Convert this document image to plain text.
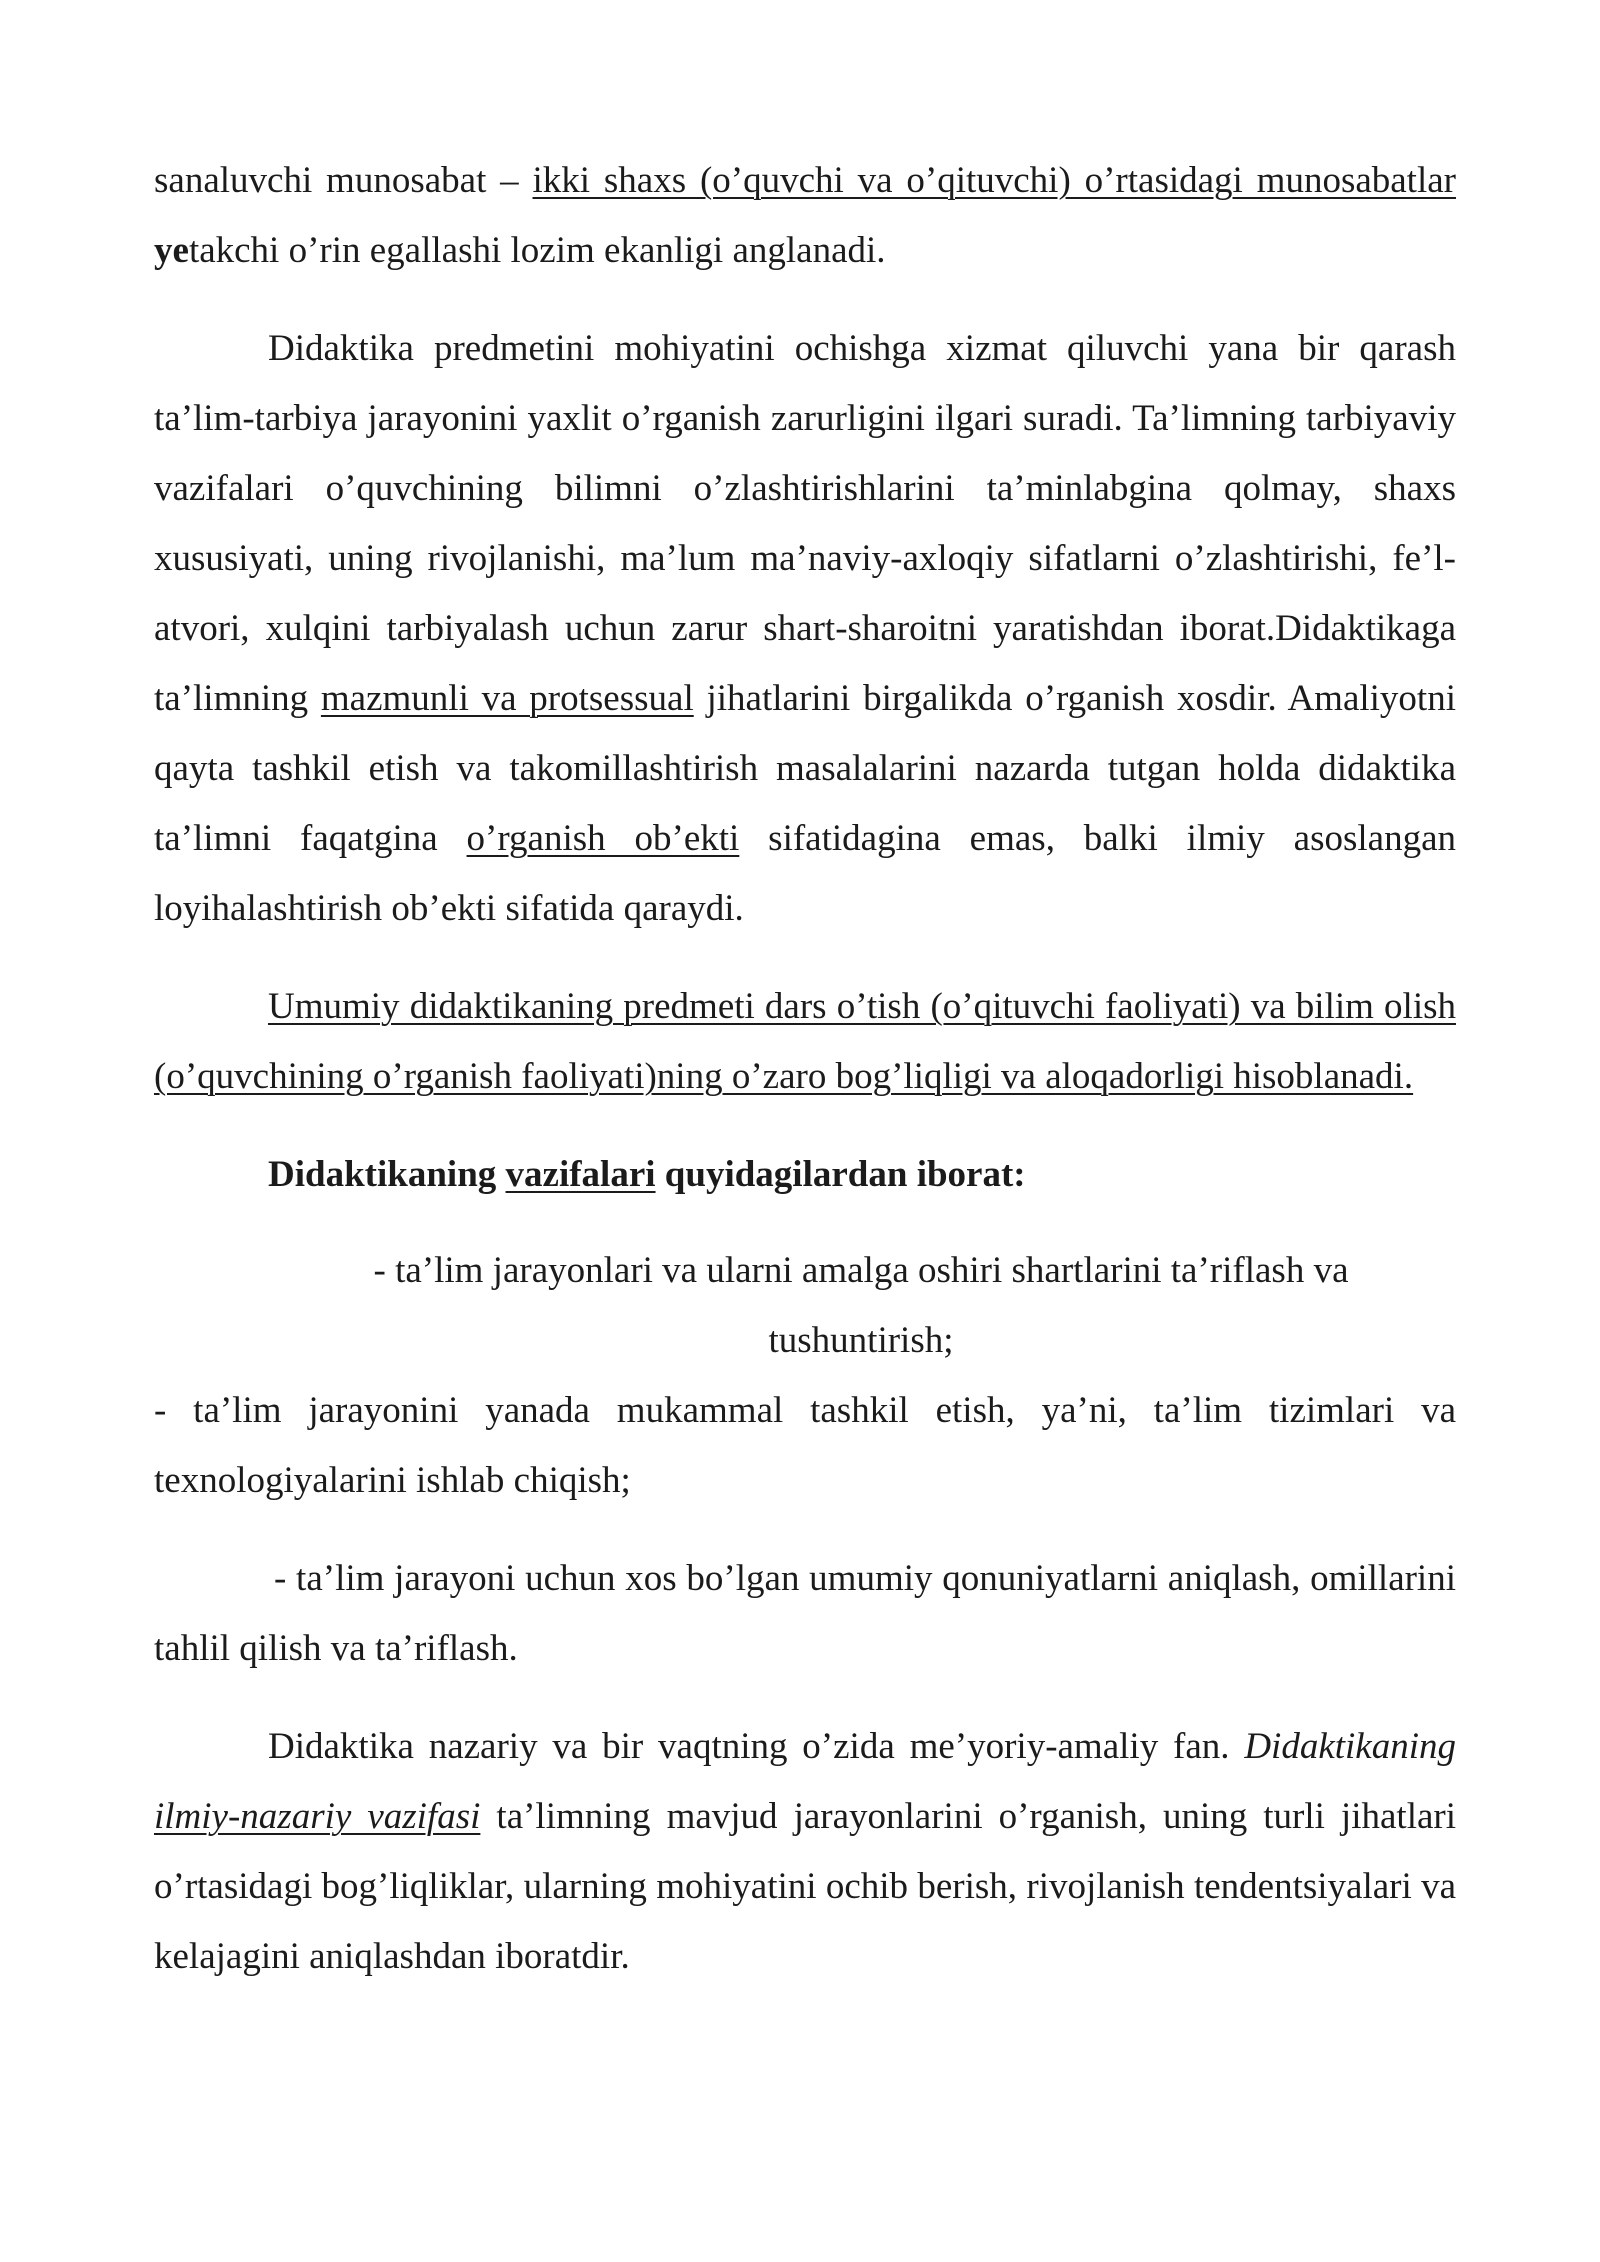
sanaluvchi munosabat – ikki shaxs (o’quvchi va o’qituvchi) o’rtasidagi munosabatlar yetakchi o’rin egallashi lozim ekanligi anglanadi.

Didaktika predmetini mohiyatini ochishga xizmat qiluvchi yana bir qarash ta’lim-tarbiya jarayonini yaxlit o’rganish zarurligini ilgari suradi. Ta’limning tarbiyaviy vazifalari o’quvchining bilimni o’zlashtirishlarini ta’minlabgina qolmay, shaxs xususiyati, uning rivojlanishi, ma’lum ma’naviy-axloqiy sifatlarni o’zlashtirishi, fe’l-atvori, xulqini tarbiyalash uchun zarur shart-sharoitni yaratishdan iborat.Didaktikaga ta’limning mazmunli va protsessual jihatlarini birgalikda o’rganish xosdir. Amaliyotni qayta tashkil etish va takomillashtirish masalalarini nazarda tutgan holda didaktika ta’limni faqatgina o’rganish ob’ekti sifatidagina emas, balki ilmiy asoslangan loyihalashtirish ob’ekti sifatida qaraydi.

Umumiy didaktikaning predmeti dars o’tish (o’qituvchi faoliyati) va bilim olish (o’quvchining o’rganish faoliyati)ning o’zaro bog’liqligi va aloqadorligi hisoblanadi.

Didaktikaning vazifalari quyidagilardan iborat:

- ta’lim jarayonlari va ularni amalga oshiri shartlarini ta’riflash va tushuntirish;

- ta’lim jarayonini yanada mukammal tashkil etish, ya’ni, ta’lim tizimlari va texnologiyalarini ishlab chiqish;

- ta’lim jarayoni uchun xos bo’lgan umumiy qonuniyatlarni aniqlash, omillarini tahlil qilish va ta’riflash.

Didaktika nazariy va bir vaqtning o’zida me’yoriy-amaliy fan. Didaktikaning ilmiy-nazariy vazifasi ta’limning mavjud jarayonlarini o’rganish, uning turli jihatlari o’rtasidagi bog’liqliklar, ularning mohiyatini ochib berish, rivojlanish tendentsiyalari va kelajagini aniqlashdan iboratdir.
